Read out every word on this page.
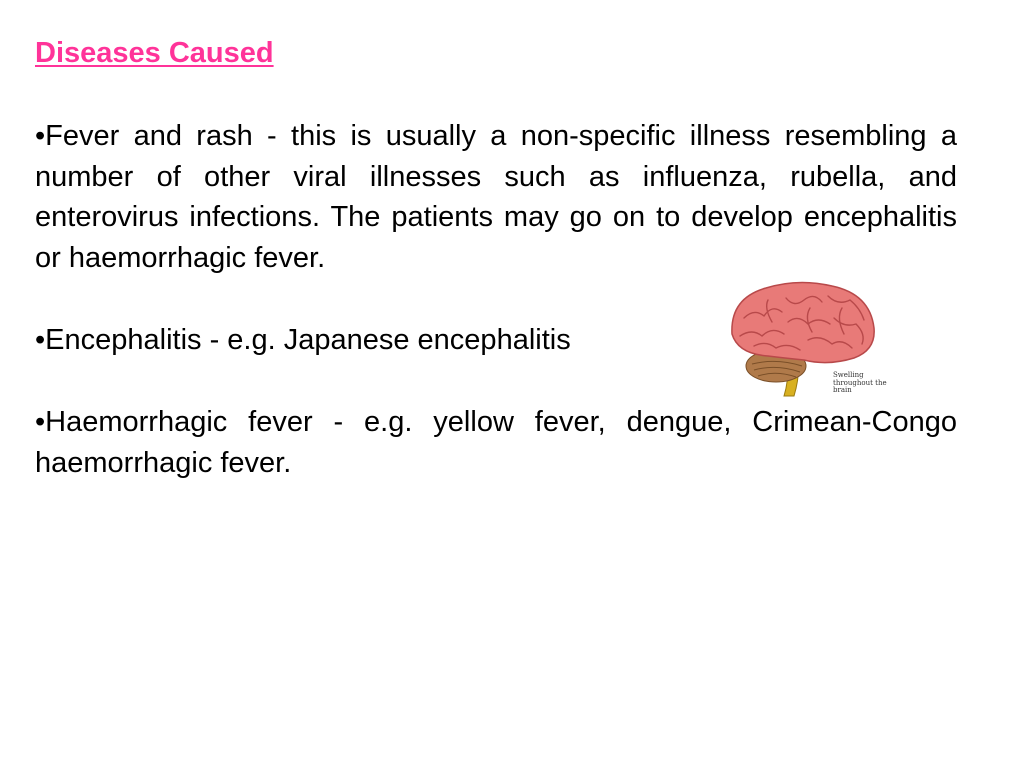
Diseases Caused

•Fever and rash - this is usually a non-specific illness resembling a number of other viral illnesses such as influenza, rubella, and enterovirus infections. The patients may go on to develop encephalitis or haemorrhagic fever.

•Encephalitis - e.g. Japanese encephalitis

•Haemorrhagic fever - e.g. yellow fever, dengue, Crimean-Congo haemorrhagic fever.

Swelling throughout the brain
